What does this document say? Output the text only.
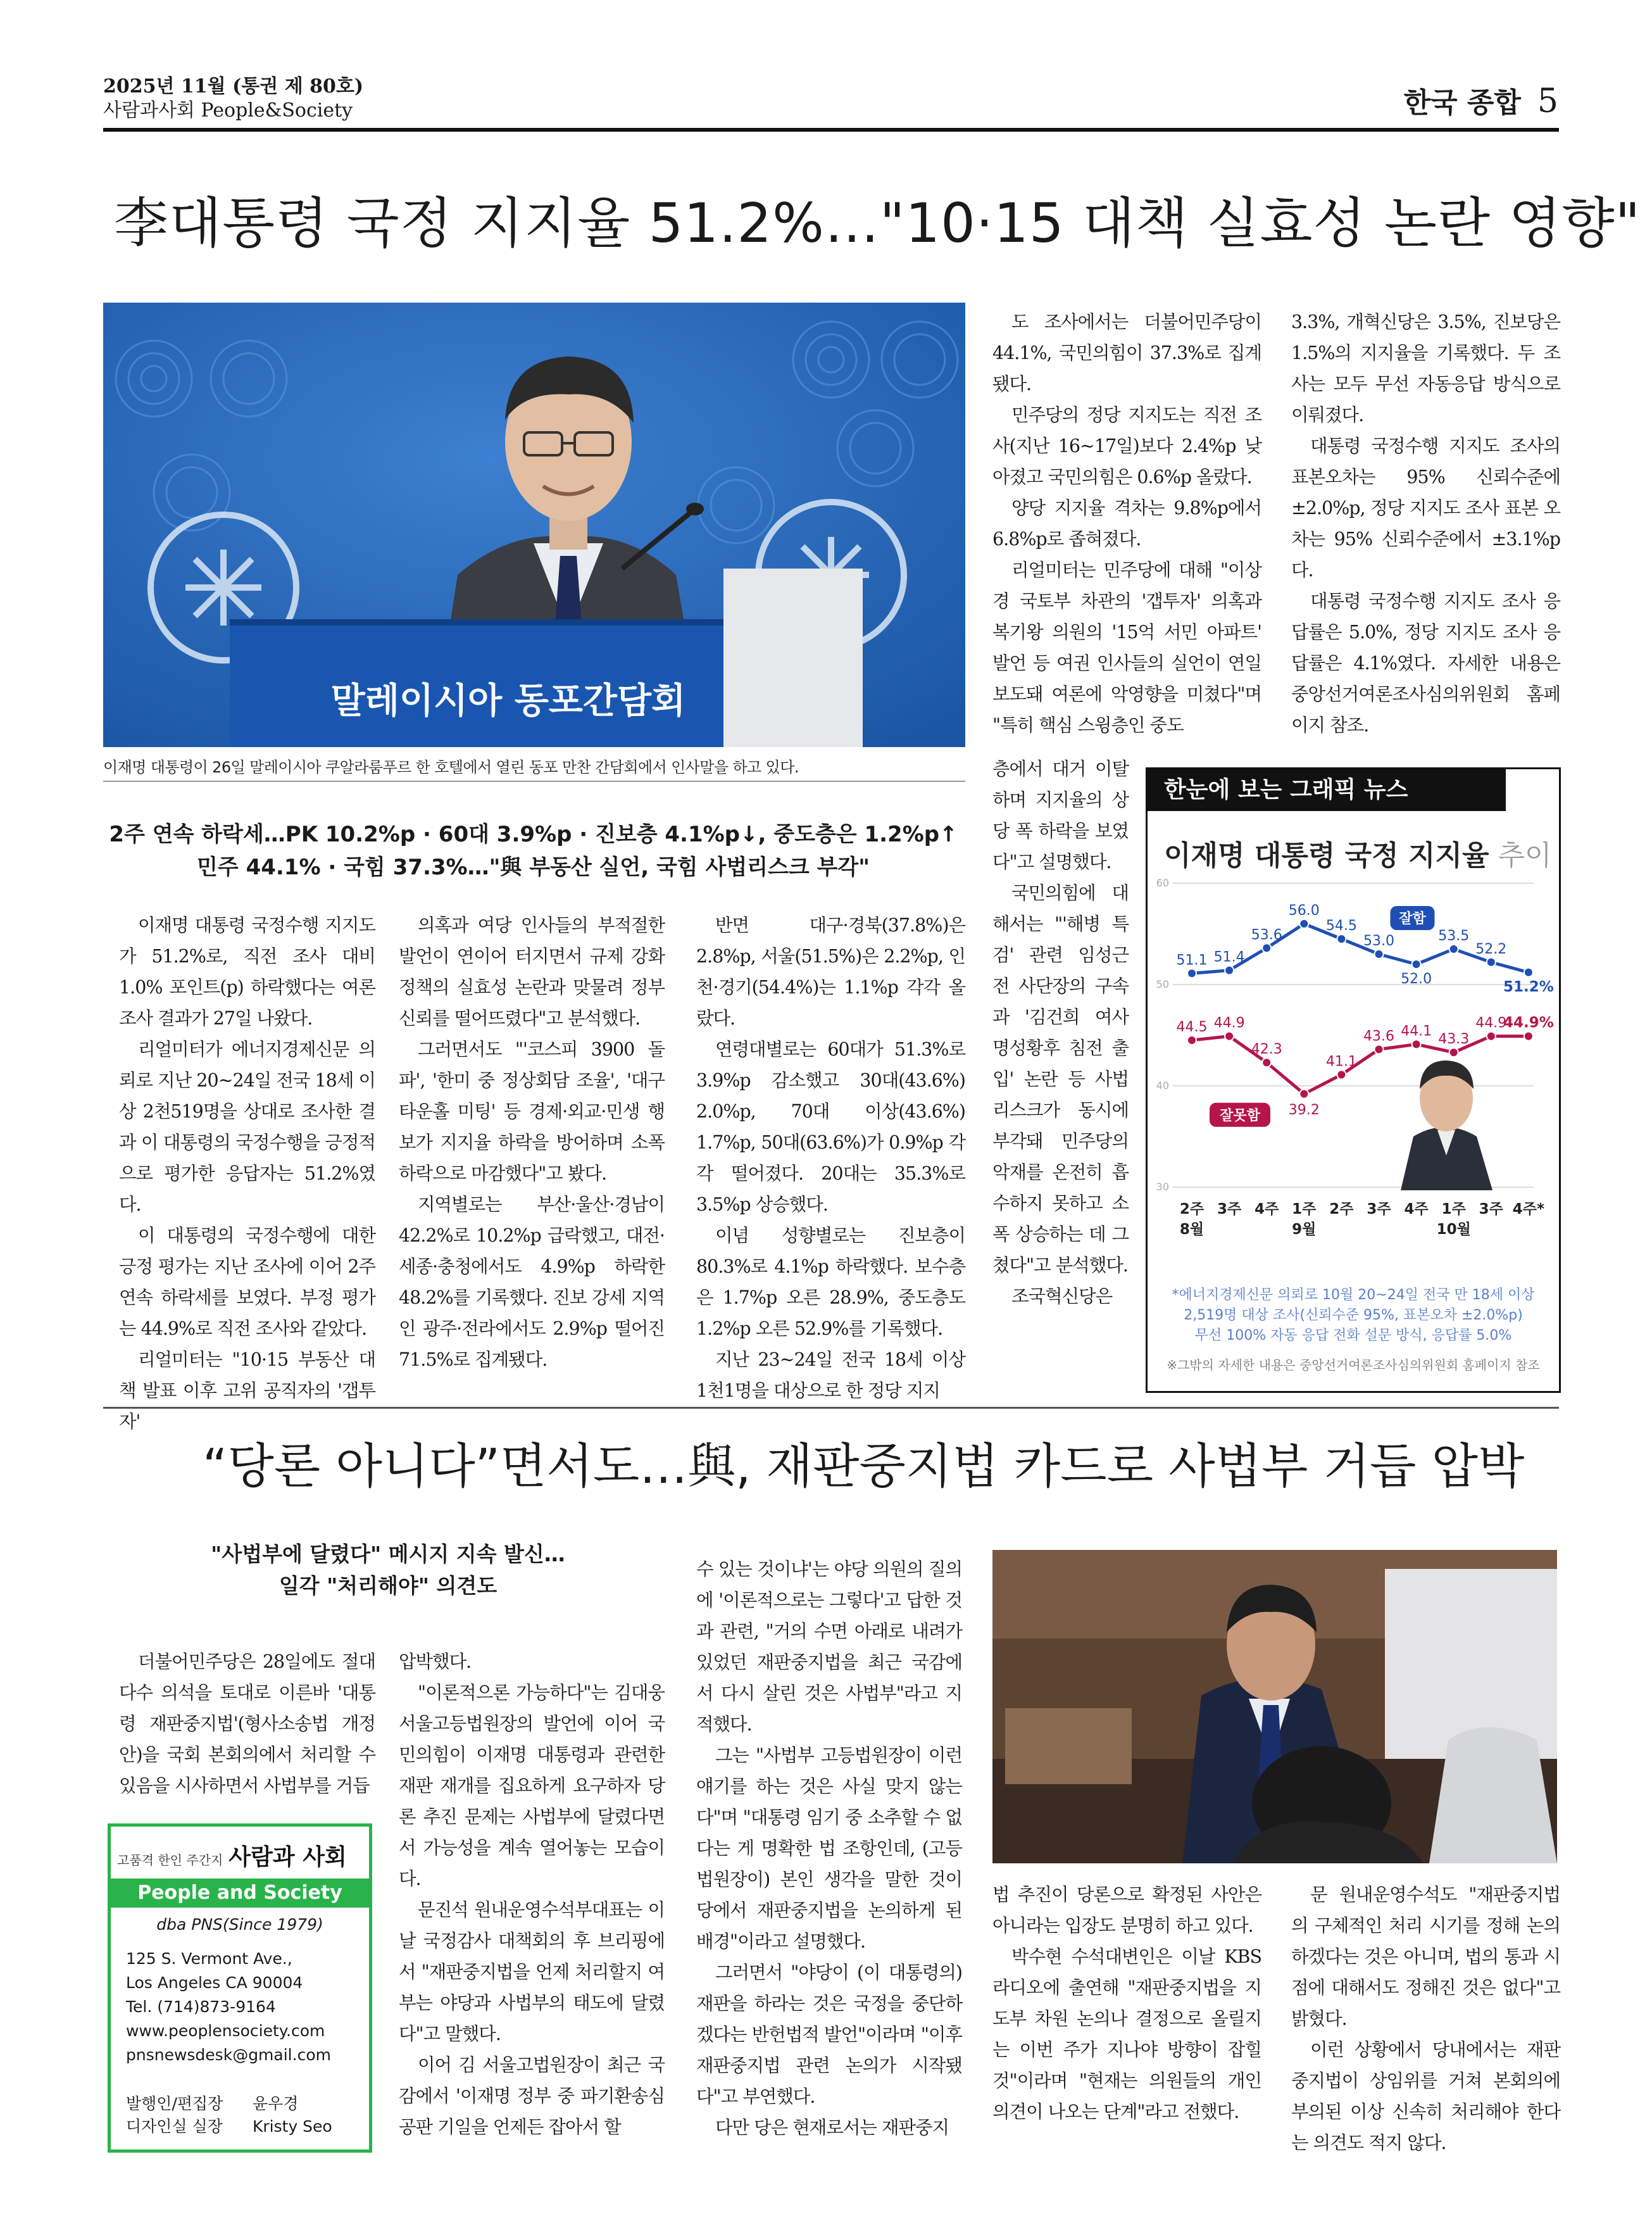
2025년 11월 (통권 제 80호)
사람과사회 People&Society	한국 종합 5
李대통령 국정 지지율 51.2%…"10·15 대책 실효성 논란 영향"
말레이시아 동포간담회
이재명 대통령이 26일 말레이시아 쿠알라룸푸르 한 호텔에서 열린 동포 만찬 간담회에서 인사말을 하고 있다.
2주 연속 하락세…PK 10.2%p · 60대 3.9%p · 진보층 4.1%p↓, 중도층은 1.2%p↑
민주 44.1% · 국힘 37.3%…"與 부동산 실언, 국힘 사법리스크 부각"

이재명 대통령 국정수행 지지도가 51.2%로, 직전 조사 대비 1.0% 포인트(p) 하락했다는 여론조사 결과가 27일 나왔다.

리얼미터가 에너지경제신문 의뢰로 지난 20~24일 전국 18세 이상 2천519명을 상대로 조사한 결과 이 대통령의 국정수행을 긍정적으로 평가한 응답자는 51.2%였다.

이 대통령의 국정수행에 대한 긍정 평가는 지난 조사에 이어 2주 연속 하락세를 보였다. 부정 평가는 44.9%로 직전 조사와 같았다.

리얼미터는 "10·15 부동산 대책 발표 이후 고위 공직자의 '갭투자'

의혹과 여당 인사들의 부적절한 발언이 연이어 터지면서 규제 강화 정책의 실효성 논란과 맞물려 정부 신뢰를 떨어뜨렸다"고 분석했다.

그러면서도 "'코스피 3900 돌파', '한미 중 정상회담 조율', '대구 타운홀 미팅' 등 경제·외교·민생 행보가 지지율 하락을 방어하며 소폭 하락으로 마감했다"고 봤다.

지역별로는 부산·울산·경남이 42.2%로 10.2%p 급락했고, 대전·세종·충청에서도 4.9%p 하락한 48.2%를 기록했다. 진보 강세 지역인 광주·전라에서도 2.9%p 떨어진 71.5%로 집계됐다.

반면 대구·경북(37.8%)은 2.8%p, 서울(51.5%)은 2.2%p, 인천·경기(54.4%)는 1.1%p 각각 올랐다.

연령대별로는 60대가 51.3%로 3.9%p 감소했고 30대(43.6%) 2.0%p, 70대 이상(43.6%) 1.7%p, 50대(63.6%)가 0.9%p 각각 떨어졌다. 20대는 35.3%로 3.5%p 상승했다.

이념 성향별로는 진보층이 80.3%로 4.1%p 하락했다. 보수층은 1.7%p 오른 28.9%, 중도층도 1.2%p 오른 52.9%를 기록했다.

지난 23~24일 전국 18세 이상 1천1명을 대상으로 한 정당 지지

도 조사에서는 더불어민주당이 44.1%, 국민의힘이 37.3%로 집계됐다.

민주당의 정당 지지도는 직전 조사(지난 16~17일)보다 2.4%p 낮아졌고 국민의힘은 0.6%p 올랐다.

양당 지지율 격차는 9.8%p에서 6.8%p로 좁혀졌다.

리얼미터는 민주당에 대해 "이상경 국토부 차관의 '갭투자' 의혹과 복기왕 의원의 '15억 서민 아파트' 발언 등 여권 인사들의 실언이 연일 보도돼 여론에 악영향을 미쳤다"며 "특히 핵심 스윙층인 중도

층에서 대거 이탈하며 지지율의 상당 폭 하락을 보였다"고 설명했다.

국민의힘에 대해서는 "'해병 특검' 관련 임성근 전 사단장의 구속과 '김건희 여사 명성황후 침전 출입' 논란 등 사법 리스크가 동시에 부각돼 민주당의 악재를 온전히 흡수하지 못하고 소폭 상승하는 데 그쳤다"고 분석했다.

조국혁신당은

3.3%, 개혁신당은 3.5%, 진보당은 1.5%의 지지율을 기록했다. 두 조사는 모두 무선 자동응답 방식으로 이뤄졌다.

대통령 국정수행 지지도 조사의 표본오차는 95% 신뢰수준에 ±2.0%p, 정당 지지도 조사 표본 오차는 95% 신뢰수준에서 ±3.1%p다.

대통령 국정수행 지지도 조사 응답률은 5.0%, 정당 지지도 조사 응답률은 4.1%였다. 자세한 내용은 중앙선거여론조사심의위원회 홈페이지 참조.

한눈에 보는 그래픽 뉴스
이재명 대통령 국정 지지율 추이
60
50
40
30
51.1 51.4
53.6
56.0
54.5
53.0
52.0
53.5
52.2
51.2%
44.5 44.9
42.3
39.2
41.1
43.6 44.1
43.3
44.9
44.9%
잘함
잘못함
2주 3주 4주 1주 2주 3주 4주 1주 3주 4주*
8월	9월	10월
*에너지경제신문 의뢰로 10월 20~24일 전국 만 18세 이상
2,519명 대상 조사(신뢰수준 95%, 표본오차 ±2.0%p)
무선 100% 자동 응답 전화 설문 방식, 응답률 5.0%
※그밖의 자세한 내용은 중앙선거여론조사심의위원회 홈페이지 참조
“당론 아니다”면서도…與, 재판중지법 카드로 사법부 거듭 압박
"사법부에 달렸다" 메시지 지속 발신…
일각 "처리해야" 의견도

더불어민주당은 28일에도 절대 다수 의석을 토대로 이른바 '대통령 재판중지법'(형사소송법 개정안)을 국회 본회의에서 처리할 수 있음을 시사하면서 사법부를 거듭

압박했다.

"이론적으론 가능하다"는 김대웅 서울고등법원장의 발언에 이어 국민의힘이 이재명 대통령과 관련한 재판 재개를 집요하게 요구하자 당론 추진 문제는 사법부에 달렸다면서 가능성을 계속 열어놓는 모습이다.

문진석 원내운영수석부대표는 이날 국정감사 대책회의 후 브리핑에서 "재판중지법을 언제 처리할지 여부는 야당과 사법부의 태도에 달렸다"고 말했다.

이어 김 서울고법원장이 최근 국감에서 '이재명 정부 중 파기환송심 공판 기일을 언제든 잡아서 할

수 있는 것이냐'는 야당 의원의 질의에 '이론적으로는 그렇다'고 답한 것과 관련, "거의 수면 아래로 내려가 있었던 재판중지법을 최근 국감에서 다시 살린 것은 사법부"라고 지적했다.

그는 "사법부 고등법원장이 이런 얘기를 하는 것은 사실 맞지 않는다"며 "대통령 임기 중 소추할 수 없다는 게 명확한 법 조항인데, (고등법원장이) 본인 생각을 말한 것이 당에서 재판중지법을 논의하게 된 배경"이라고 설명했다.

그러면서 "야당이 (이 대통령의) 재판을 하라는 것은 국정을 중단하겠다는 반헌법적 발언"이라며 "이후 재판중지법 관련 논의가 시작됐다"고 부연했다.

다만 당은 현재로서는 재판중지

법 추진이 당론으로 확정된 사안은 아니라는 입장도 분명히 하고 있다.

박수현 수석대변인은 이날 KBS 라디오에 출연해 "재판중지법을 지도부 차원 논의나 결정으로 올릴지는 이번 주가 지나야 방향이 잡힐 것"이라며 "현재는 의원들의 개인 의견이 나오는 단계"라고 전했다.

문 원내운영수석도 "재판중지법의 구체적인 처리 시기를 정해 논의하겠다는 것은 아니며, 법의 통과 시점에 대해서도 정해진 것은 없다"고 밝혔다.

이런 상황에서 당내에서는 재판중지법이 상임위를 거쳐 본회의에 부의된 이상 신속히 처리해야 한다는 의견도 적지 않다.

고품격 한인 주간지 사람과 사회
People and Society
dba PNS(Since 1979)
125 S. Vermont Ave.,
Los Angeles CA 90004
Tel. (714)873-9164
www.peoplensociety.com
pnsnewsdesk@gmail.com
발행인/편집장 윤우경
디자인실 실장 Kristy Seo
